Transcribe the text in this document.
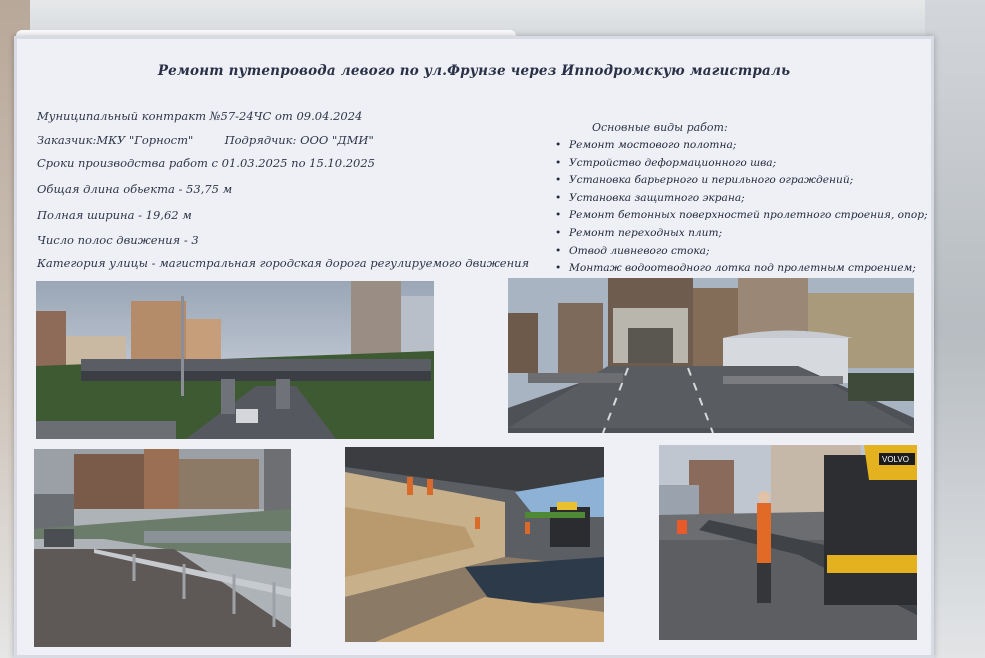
Ремонт путепровода левого по ул.Фрунзе через Ипподромскую магистраль
Муниципальный контракт №57-24ЧС от 09.04.2024
Заказчик:МКУ "Горност"	Подрядчик: ООО "ДМИ"
Сроки производства работ с 01.03.2025 по 15.10.2025
Общая длина обьекта - 53,75 м
Полная ширина - 19,62 м
Число полос движения - 3
Категория улицы - магистральная городская дорога регулируемого движения
Основные виды работ:
• Ремонт мостового полотна;
• Устройство деформационного шва;
• Установка барьерного и перильного ограждений;
• Установка защитного экрана;
• Ремонт бетонных поверхностей пролетного строения, опор;
• Ремонт переходных плит;
• Отвод ливневого стока;
• Монтаж водоотводного лотка под пролетным строением;
VOLVO
